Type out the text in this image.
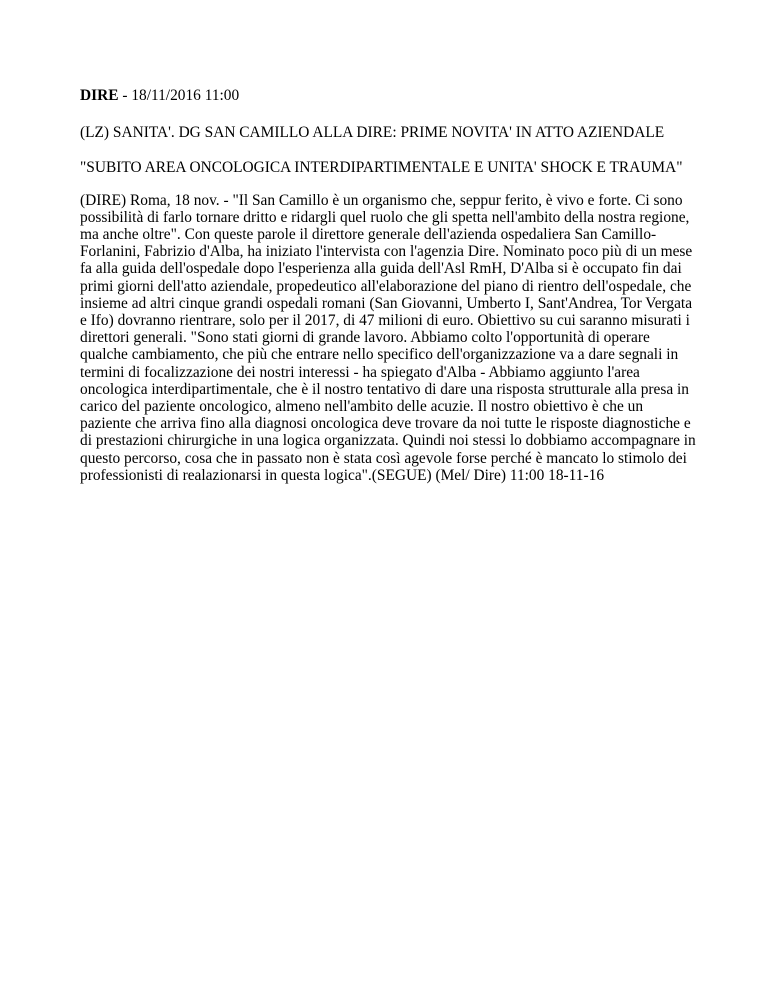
DIRE - 18/11/2016 11:00

(LZ) SANITA'. DG SAN CAMILLO ALLA DIRE: PRIME NOVITA' IN ATTO AZIENDALE

"SUBITO AREA ONCOLOGICA INTERDIPARTIMENTALE E UNITA' SHOCK E TRAUMA"

(DIRE) Roma, 18 nov. - "Il San Camillo è un organismo che, seppur ferito, è vivo e forte. Ci sono possibilità di farlo tornare dritto e ridargli quel ruolo che gli spetta nell'ambito della nostra regione, ma anche oltre". Con queste parole il direttore generale dell'azienda ospedaliera San Camillo-Forlanini, Fabrizio d'Alba, ha iniziato l'intervista con l'agenzia Dire. Nominato poco più di un mese fa alla guida dell'ospedale dopo l'esperienza alla guida dell'Asl RmH, D'Alba si è occupato fin dai primi giorni dell'atto aziendale, propedeutico all'elaborazione del piano di rientro dell'ospedale, che insieme ad altri cinque grandi ospedali romani (San Giovanni, Umberto I, Sant'Andrea, Tor Vergata e Ifo) dovranno rientrare, solo per il 2017, di 47 milioni di euro. Obiettivo su cui saranno misurati i direttori generali. "Sono stati giorni di grande lavoro. Abbiamo colto l'opportunità di operare qualche cambiamento, che più che entrare nello specifico dell'organizzazione va a dare segnali in termini di focalizzazione dei nostri interessi - ha spiegato d'Alba - Abbiamo aggiunto l'area oncologica interdipartimentale, che è il nostro tentativo di dare una risposta strutturale alla presa in carico del paziente oncologico, almeno nell'ambito delle acuzie. Il nostro obiettivo è che un paziente che arriva fino alla diagnosi oncologica deve trovare da noi tutte le risposte diagnostiche e di prestazioni chirurgiche in una logica organizzata. Quindi noi stessi lo dobbiamo accompagnare in questo percorso, cosa che in passato non è stata così agevole forse perché è mancato lo stimolo dei professionisti di realazionarsi in questa logica".(SEGUE) (Mel/ Dire) 11:00 18-11-16
